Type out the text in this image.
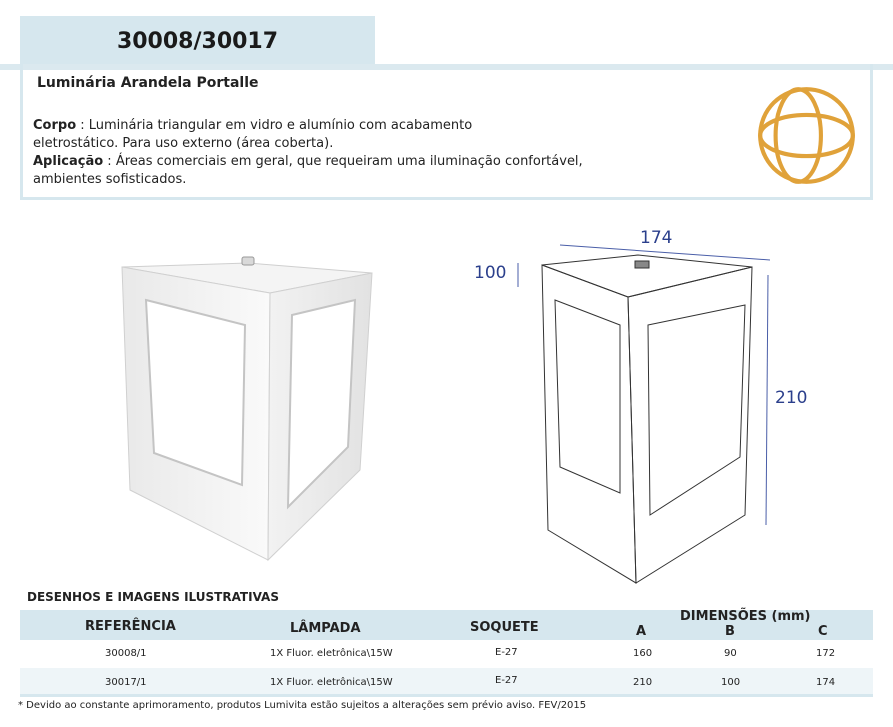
30008/30017
Luminária Arandela Portalle
Corpo : Luminária triangular em vidro e alumínio com acabamento eletrostático. Para uso externo (área coberta).
Aplicação : Áreas comerciais em geral, que requeiram uma iluminação confortável, ambientes sofisticados.
174
100
210
DESENHOS E IMAGENS ILUSTRATIVAS
REFERÊNCIA	LÂMPADA	SOQUETE
DIMENSÕES (mm)
A	B	C
30008/1	1X Fluor. eletrônica\15W	E-27	160	90	172
30017/1	1X Fluor. eletrônica\15W	E-27	210	100	174
* Devido ao constante aprimoramento, produtos Lumivita estão sujeitos a alterações sem prévio aviso. FEV/2015
